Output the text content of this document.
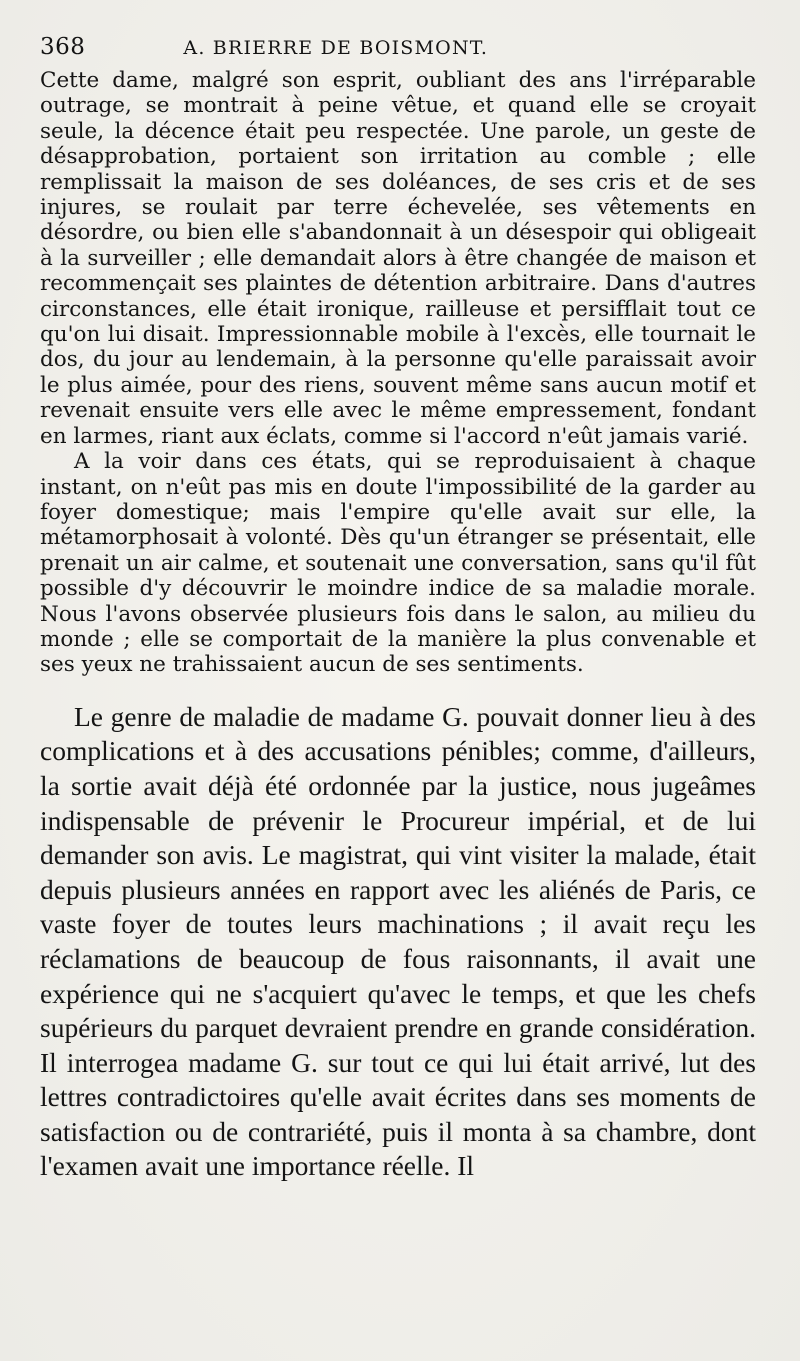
368	A. BRIERRE DE BOISMONT.

Cette dame, malgré son esprit, oubliant des ans l'irréparable outrage, se montrait à peine vêtue, et quand elle se croyait seule, la décence était peu respectée. Une parole, un geste de désapprobation, portaient son irritation au comble ; elle remplissait la maison de ses doléances, de ses cris et de ses injures, se roulait par terre échevelée, ses vêtements en désordre, ou bien elle s'abandonnait à un désespoir qui obligeait à la surveiller ; elle demandait alors à être changée de maison et recommençait ses plaintes de détention arbitraire. Dans d'autres circonstances, elle était ironique, railleuse et persifflait tout ce qu'on lui disait. Impressionnable mobile à l'excès, elle tournait le dos, du jour au lendemain, à la personne qu'elle paraissait avoir le plus aimée, pour des riens, souvent même sans aucun motif et revenait ensuite vers elle avec le même empressement, fondant en larmes, riant aux éclats, comme si l'accord n'eût jamais varié.

A la voir dans ces états, qui se reproduisaient à chaque instant, on n'eût pas mis en doute l'impossibilité de la garder au foyer domestique; mais l'empire qu'elle avait sur elle, la métamorphosait à volonté. Dès qu'un étranger se présentait, elle prenait un air calme, et soutenait une conversation, sans qu'il fût possible d'y découvrir le moindre indice de sa maladie morale. Nous l'avons observée plusieurs fois dans le salon, au milieu du monde ; elle se comportait de la manière la plus convenable et ses yeux ne trahissaient aucun de ses sentiments.

Le genre de maladie de madame G. pouvait donner lieu à des complications et à des accusations pénibles; comme, d'ailleurs, la sortie avait déjà été ordonnée par la justice, nous jugeâmes indispensable de prévenir le Procureur impérial, et de lui demander son avis. Le magistrat, qui vint visiter la malade, était depuis plusieurs années en rapport avec les aliénés de Paris, ce vaste foyer de toutes leurs machinations ; il avait reçu les réclamations de beaucoup de fous raisonnants, il avait une expérience qui ne s'acquiert qu'avec le temps, et que les chefs supérieurs du parquet devraient prendre en grande considération. Il interrogea madame G. sur tout ce qui lui était arrivé, lut des lettres contradictoires qu'elle avait écrites dans ses moments de satisfaction ou de contrariété, puis il monta à sa chambre, dont l'examen avait une importance réelle. Il
